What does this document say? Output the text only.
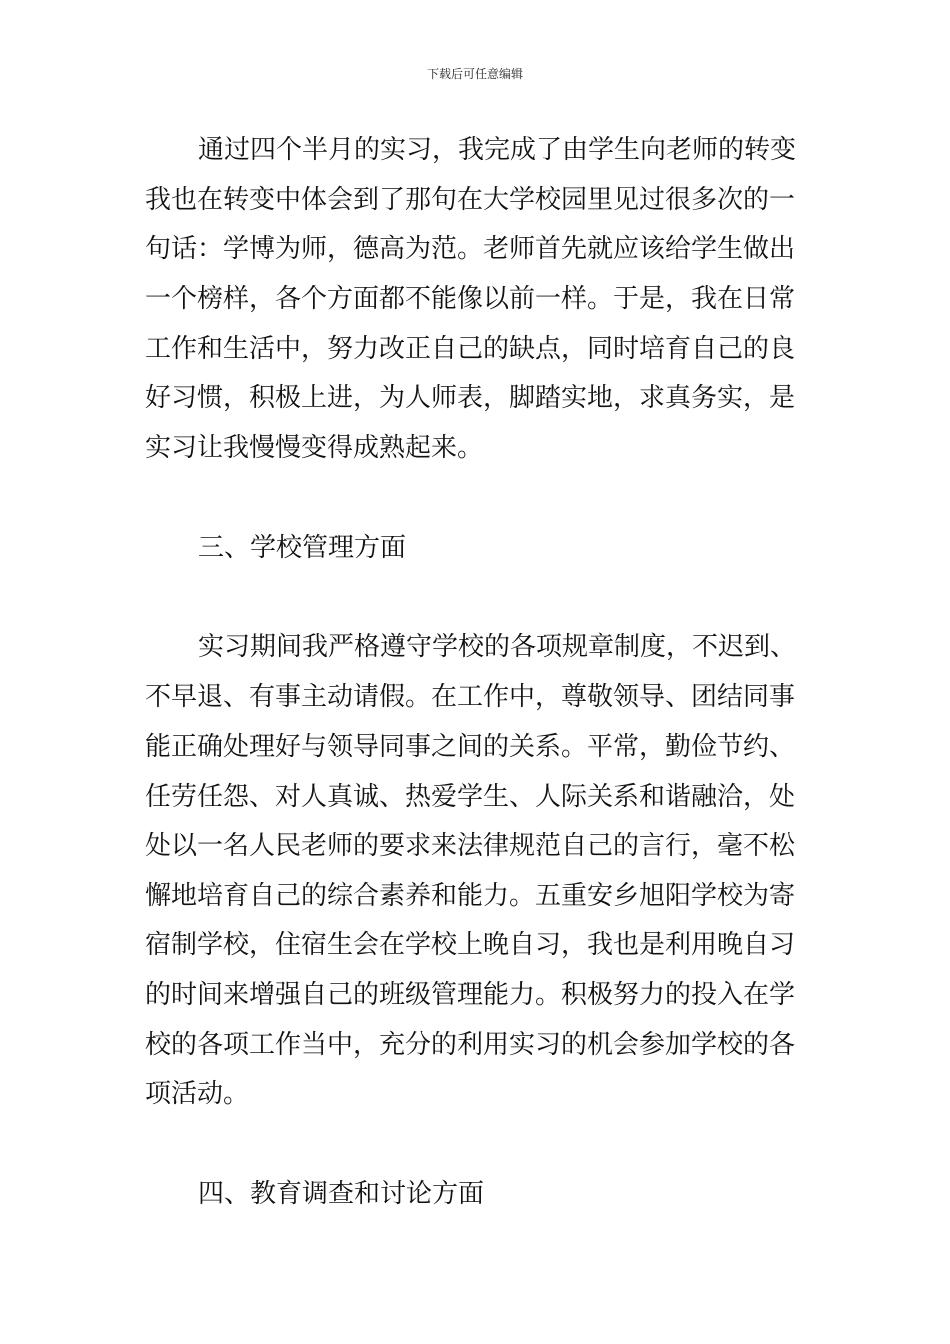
下载后可任意编辑
通过四个半月的实习，我完成了由学生向老师的转变
我也在转变中体会到了那句在大学校园里见过很多次的一
句话：学博为师，德高为范。老师首先就应该给学生做出
一个榜样，各个方面都不能像以前一样。于是，我在日常
工作和生活中，努力改正自己的缺点，同时培育自己的良
好习惯，积极上进，为人师表，脚踏实地，求真务实，是
实习让我慢慢变得成熟起来。
三、学校管理方面
实习期间我严格遵守学校的各项规章制度，不迟到、
不早退、有事主动请假。在工作中，尊敬领导、团结同事
能正确处理好与领导同事之间的关系。平常，勤俭节约、
任劳任怨、对人真诚、热爱学生、人际关系和谐融洽，处
处以一名人民老师的要求来法律规范自己的言行，毫不松
懈地培育自己的综合素养和能力。五重安乡旭阳学校为寄
宿制学校，住宿生会在学校上晚自习，我也是利用晚自习
的时间来增强自己的班级管理能力。积极努力的投入在学
校的各项工作当中，充分的利用实习的机会参加学校的各
项活动。
四、教育调查和讨论方面
